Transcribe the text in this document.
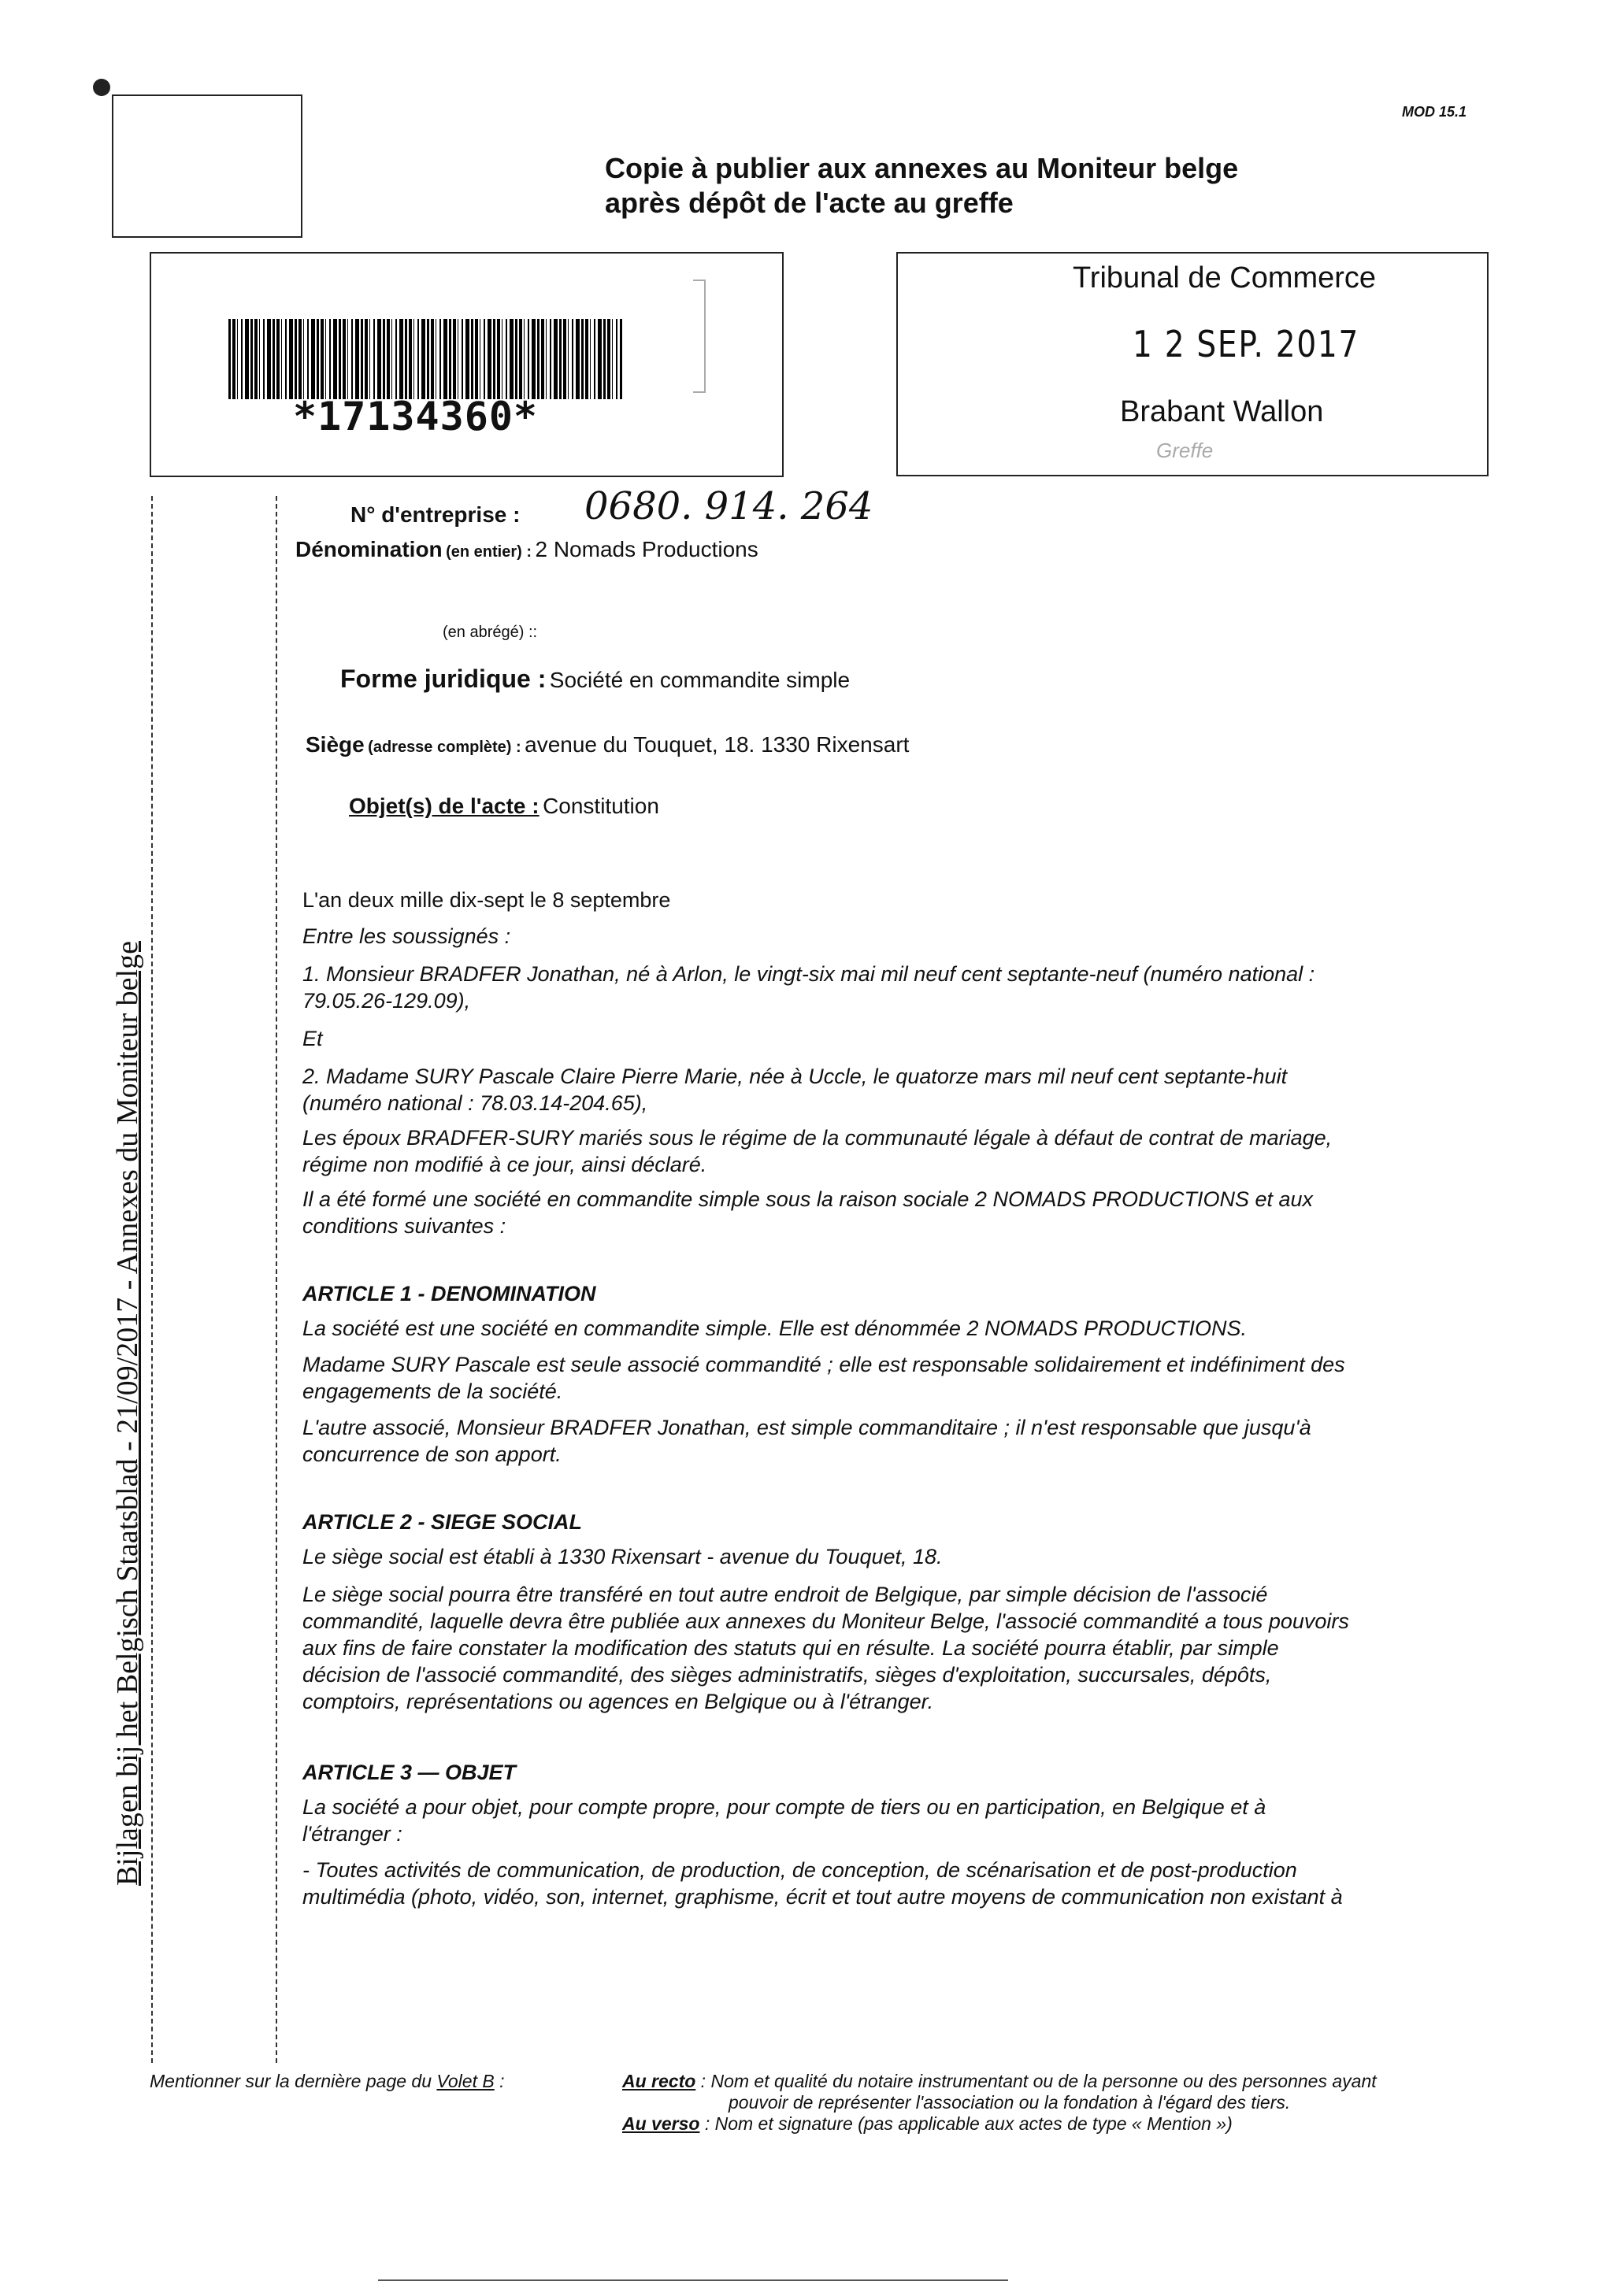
MOD 15.1
Copie à publier aux annexes au Moniteur belge
après dépôt de l'acte au greffe
*17134360*
Tribunal de Commerce
1 2 SEP. 2017
Brabant Wallon
Greffe
Bijlagen bij het Belgisch Staatsblad - 21/09/2017 - Annexes du Moniteur belge
N° d'entreprise : 0680. 914. 264
Dénomination (en entier) : 2 Nomads Productions
(en abrégé) ::
Forme juridique : Société en commandite simple
Siège (adresse complète) : avenue du Touquet, 18. 1330 Rixensart
Objet(s) de l'acte : Constitution
L'an deux mille dix-sept le 8 septembre
Entre les soussignés :
1. Monsieur BRADFER Jonathan, né à Arlon, le vingt-six mai mil neuf cent septante-neuf (numéro national :
79.05.26-129.09),
Et
2. Madame SURY Pascale Claire Pierre Marie, née à Uccle, le quatorze mars mil neuf cent septante-huit
(numéro national : 78.03.14-204.65),
Les époux BRADFER-SURY mariés sous le régime de la communauté légale à défaut de contrat de mariage,
régime non modifié à ce jour, ainsi déclaré.
Il a été formé une société en commandite simple sous la raison sociale 2 NOMADS PRODUCTIONS et aux
conditions suivantes :
ARTICLE 1 - DENOMINATION
La société est une société en commandite simple. Elle est dénommée 2 NOMADS PRODUCTIONS.
Madame SURY Pascale est seule associé commandité ; elle est responsable solidairement et indéfiniment des
engagements de la société.
L'autre associé, Monsieur BRADFER Jonathan, est simple commanditaire ; il n'est responsable que jusqu'à
concurrence de son apport.
ARTICLE 2 - SIEGE SOCIAL
Le siège social est établi à 1330 Rixensart - avenue du Touquet, 18.
Le siège social pourra être transféré en tout autre endroit de Belgique, par simple décision de l'associé
commandité, laquelle devra être publiée aux annexes du Moniteur Belge, l'associé commandité a tous pouvoirs
aux fins de faire constater la modification des statuts qui en résulte. La société pourra établir, par simple
décision de l'associé commandité, des sièges administratifs, sièges d'exploitation, succursales, dépôts,
comptoirs, représentations ou agences en Belgique ou à l'étranger.
ARTICLE 3 — OBJET
La société a pour objet, pour compte propre, pour compte de tiers ou en participation, en Belgique et à
l'étranger :
- Toutes activités de communication, de production, de conception, de scénarisation et de post-production
multimédia (photo, vidéo, son, internet, graphisme, écrit et tout autre moyens de communication non existant à
Mentionner sur la dernière page du Volet B :	Au recto : Nom et qualité du notaire instrumentant ou de la personne ou des personnes ayant
pouvoir de représenter l'association ou la fondation à l'égard des tiers.
Au verso : Nom et signature (pas applicable aux actes de type « Mention »)
